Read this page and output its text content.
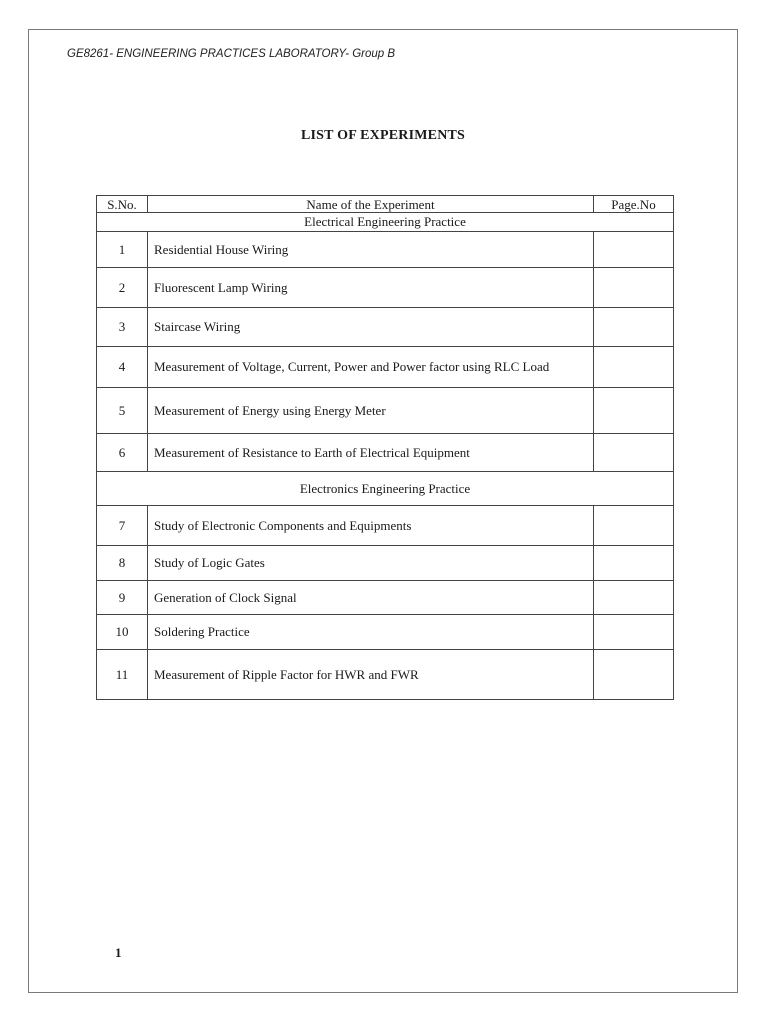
GE8261- ENGINEERING PRACTICES LABORATORY- Group B
LIST OF EXPERIMENTS
S.No.	Name of the Experiment	Page.No
Electrical Engineering Practice		
1	Residential House Wiring	
2	Fluorescent Lamp Wiring	
3	Staircase Wiring	
4	Measurement of Voltage, Current, Power and Power factor using RLC Load	
5	Measurement of Energy using Energy Meter	
6	Measurement of Resistance to Earth of Electrical Equipment	
Electronics Engineering Practice		
7	Study of Electronic Components and Equipments	
8	Study of Logic Gates	
9	Generation of Clock Signal	
10	Soldering Practice	
11	Measurement of Ripple Factor for HWR and FWR	
1
